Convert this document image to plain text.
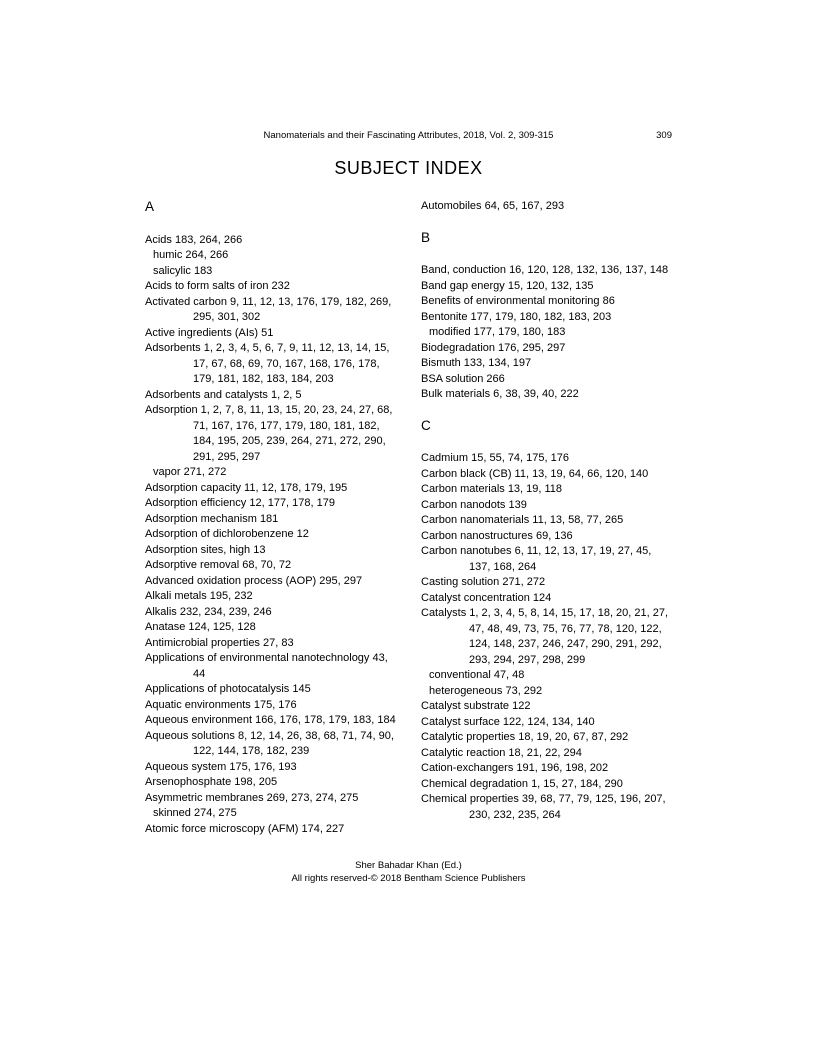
Nanomaterials and their Fascinating Attributes, 2018, Vol. 2, 309-315	309
SUBJECT INDEX
A
Acids 183, 264, 266
humic 264, 266
salicylic 183
Acids to form salts of iron 232
Activated carbon 9, 11, 12, 13, 176, 179, 182, 269, 295, 301, 302
Active ingredients (AIs) 51
Adsorbents 1, 2, 3, 4, 5, 6, 7, 9, 11, 12, 13, 14, 15, 17, 67, 68, 69, 70, 167, 168, 176, 178, 179, 181, 182, 183, 184, 203
Adsorbents and catalysts 1, 2, 5
Adsorption 1, 2, 7, 8, 11, 13, 15, 20, 23, 24, 27, 68, 71, 167, 176, 177, 179, 180, 181, 182, 184, 195, 205, 239, 264, 271, 272, 290, 291, 295, 297
vapor 271, 272
Adsorption capacity 11, 12, 178, 179, 195
Adsorption efficiency 12, 177, 178, 179
Adsorption mechanism 181
Adsorption of dichlorobenzene 12
Adsorption sites, high 13
Adsorptive removal 68, 70, 72
Advanced oxidation process (AOP) 295, 297
Alkali metals 195, 232
Alkalis 232, 234, 239, 246
Anatase 124, 125, 128
Antimicrobial properties 27, 83
Applications of environmental nanotechnology 43, 44
Applications of photocatalysis 145
Aquatic environments 175, 176
Aqueous environment 166, 176, 178, 179, 183, 184
Aqueous solutions 8, 12, 14, 26, 38, 68, 71, 74, 90, 122, 144, 178, 182, 239
Aqueous system 175, 176, 193
Arsenophosphate 198, 205
Asymmetric membranes 269, 273, 274, 275
skinned 274, 275
Atomic force microscopy (AFM) 174, 227
Automobiles 64, 65, 167, 293
B
Band, conduction 16, 120, 128, 132, 136, 137, 148
Band gap energy 15, 120, 132, 135
Benefits of environmental monitoring 86
Bentonite 177, 179, 180, 182, 183, 203
modified 177, 179, 180, 183
Biodegradation 176, 295, 297
Bismuth 133, 134, 197
BSA solution 266
Bulk materials 6, 38, 39, 40, 222
C
Cadmium 15, 55, 74, 175, 176
Carbon black (CB) 11, 13, 19, 64, 66, 120, 140
Carbon materials 13, 19, 118
Carbon nanodots 139
Carbon nanomaterials 11, 13, 58, 77, 265
Carbon nanostructures 69, 136
Carbon nanotubes 6, 11, 12, 13, 17, 19, 27, 45, 137, 168, 264
Casting solution 271, 272
Catalyst concentration 124
Catalysts 1, 2, 3, 4, 5, 8, 14, 15, 17, 18, 20, 21, 27, 47, 48, 49, 73, 75, 76, 77, 78, 120, 122, 124, 148, 237, 246, 247, 290, 291, 292, 293, 294, 297, 298, 299
conventional 47, 48
heterogeneous 73, 292
Catalyst substrate 122
Catalyst surface 122, 124, 134, 140
Catalytic properties 18, 19, 20, 67, 87, 292
Catalytic reaction 18, 21, 22, 294
Cation-exchangers 191, 196, 198, 202
Chemical degradation 1, 15, 27, 184, 290
Chemical properties 39, 68, 77, 79, 125, 196, 207, 230, 232, 235, 264
Sher Bahadar Khan (Ed.)
All rights reserved-© 2018 Bentham Science Publishers
